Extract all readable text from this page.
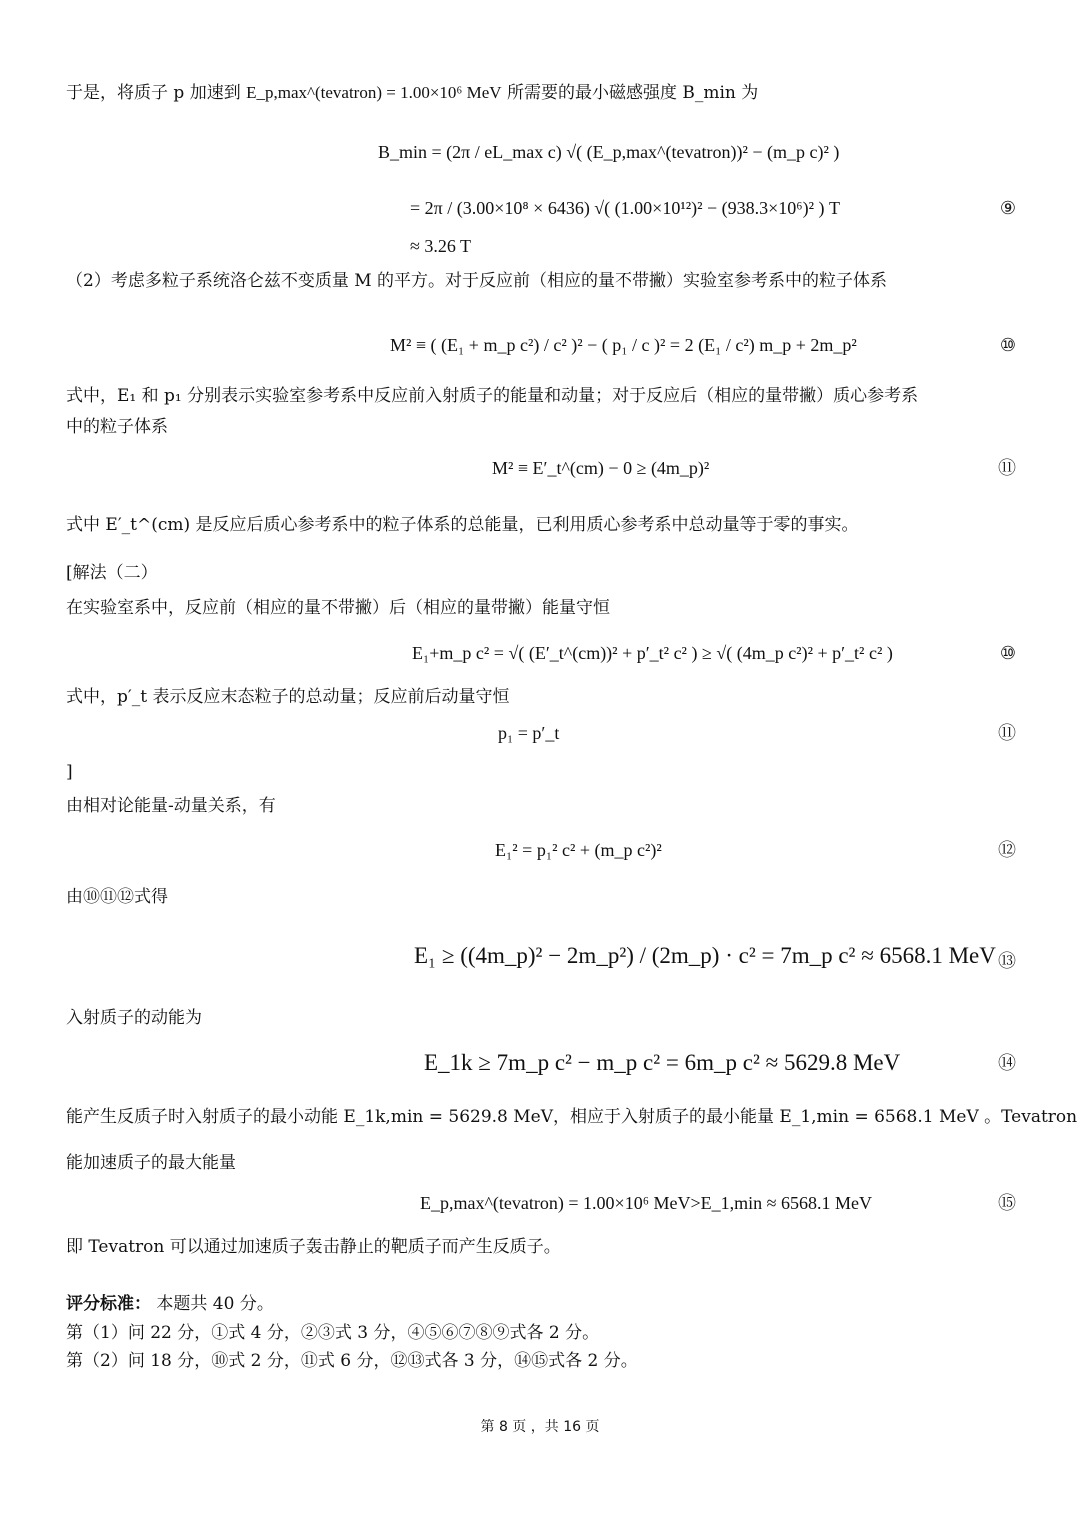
于是，将质子 p 加速到 E_p,max^(tevatron) = 1.00×10⁶ MeV 所需要的最小磁感强度 B_min 为
B_min = (2π / eL_max c) √( (E_p,max^(tevatron))² − (m_p c)² )
= 2π / (3.00×10⁸ × 6436) √( (1.00×10¹²)² − (938.3×10⁶)² ) T
≈ 3.26 T
⑨
（2）考虑多粒子系统洛仑兹不变质量 M 的平方。对于反应前（相应的量不带撇）实验室参考系中的粒子体系
M² ≡ ( (E₁ + m_p c²) / c² )² − ( p₁ / c )² = 2 (E₁ / c²) m_p + 2m_p²	⑩
式中，E₁ 和 p₁ 分别表示实验室参考系中反应前入射质子的能量和动量；对于反应后（相应的量带撇）质心参考系
中的粒子体系
M² ≡ E′_t^(cm) − 0 ≥ (4m_p)²	⑪
式中 E′_t^(cm) 是反应后质心参考系中的粒子体系的总能量，已利用质心参考系中总动量等于零的事实。
[解法（二）
在实验室系中，反应前（相应的量不带撇）后（相应的量带撇）能量守恒
E₁+m_p c² = √( (E′_t^(cm))² + p′_t² c² ) ≥ √( (4m_p c²)² + p′_t² c² )	⑩
式中，p′_t 表示反应末态粒子的总动量；反应前后动量守恒
p₁ = p′_t	⑪
]
由相对论能量-动量关系，有
E₁² = p₁² c² + (m_p c²)²	⑫
由⑩⑪⑫式得
E₁ ≥ ((4m_p)² − 2m_p²) / (2m_p) · c² = 7m_p c² ≈ 6568.1 MeV ⑬
入射质子的动能为
E_1k ≥ 7m_p c² − m_p c² = 6m_p c² ≈ 5629.8 MeV	⑭
能产生反质子时入射质子的最小动能 E_1k,min = 5629.8 MeV，相应于入射质子的最小能量 E_1,min = 6568.1 MeV 。Tevatron
能加速质子的最大能量
E_p,max^(tevatron) = 1.00×10⁶ MeV>E_1,min ≈ 6568.1 MeV	⑮
即 Tevatron 可以通过加速质子轰击静止的靶质子而产生反质子。
评分标准： 本题共 40 分。
第（1）问 22 分，①式 4 分，②③式 3 分，④⑤⑥⑦⑧⑨式各 2 分。
第（2）问 18 分，⑩式 2 分，⑪式 6 分，⑫⑬式各 3 分，⑭⑮式各 2 分。
第 8 页 ，共 16 页
